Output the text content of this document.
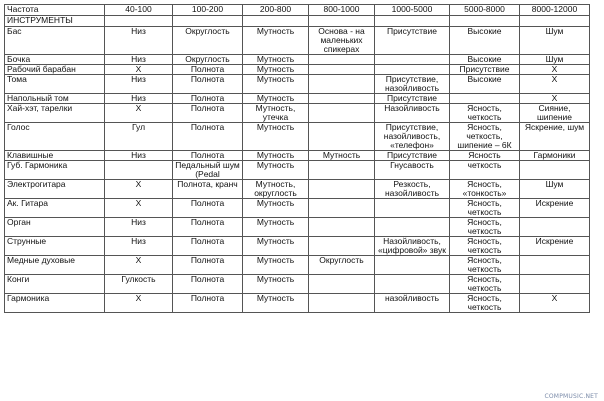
Частота	40-100	100-200	200-800	800-1000	1000-5000	5000-8000	8000-12000
ИНСТРУМЕНТЫ							
Бас	Низ	Округлость	Мутность	Основа - на маленьких спикерах	Присутствие	Высокие	Шум
Бочка	Низ	Округлость	Мутность			Высокие	Шум
Рабочий барабан	X	Полнота	Мутность			Присутствие	X
Тома	Низ	Полнота	Мутность		Присутствие, назойливость	Высокие	X
Напольный том	Низ	Полнота	Мутность		Присутствие		X
Хай-хэт, тарелки	X	Полнота	Мутность, утечка		Назойливость	Ясность, четкость	Сияние, шипение
Голос	Гул	Полнота	Мутность		Присутствие, назойливость, «телефон»	Ясность, четкость, шипение – 6К	Яскрение, шум
Клавишные	Низ	Полнота	Мутность	Мутность	Присутствие	Ясность	Гармоники
Губ. Гармоника		Педальный шум (Pedal	Мутность		Гнусавость	четкость	
Электрогитара	X	Полнота, кранч	Мутность, округлость		Резкость, назойливость	Ясность, «тонкость»	Шум
Ак. Гитара	X	Полнота	Мутность			Ясность, четкость	Искрение
Орган	Низ	Полнота	Мутность			Ясность, четкость	
Струнные	Низ	Полнота	Мутность		Назойливость, «цифровой» звук	Ясность, четкость	Искрение
Медные духовые	X	Полнота	Мутность	Округлость		Ясность, четкость	
Конги	Гулкость	Полнота	Мутность			Ясность, четкость	
Гармоника	X	Полнота	Мутность		назойливость	Ясность, четкость	X
COMPMUSIC.NET
